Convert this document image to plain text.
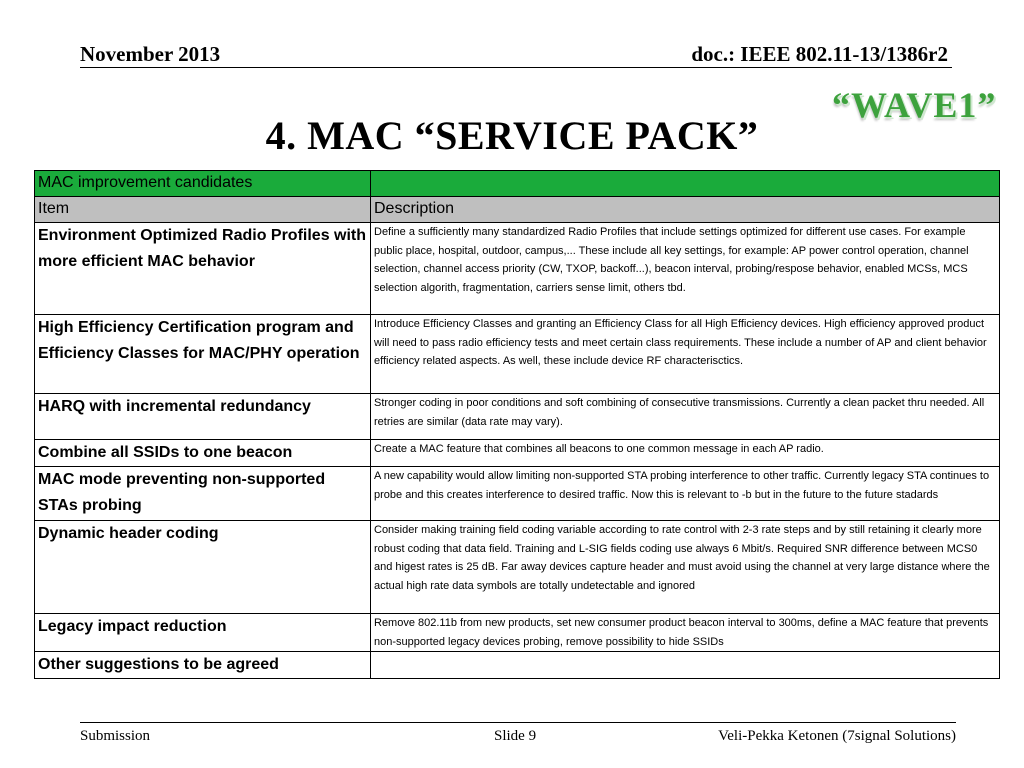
November 2013	doc.: IEEE 802.11-13/1386r2
4. MAC “SERVICE PACK”
“WAVE1”
MAC improvement candidates	
Item	Description
Environment Optimized Radio Profiles with more efficient MAC behavior	Define a sufficiently many standardized Radio Profiles that include settings optimized for different use cases. For example public place, hospital, outdoor, campus,... These include all key settings, for example: AP power control operation, channel selection, channel access priority (CW, TXOP, backoff...), beacon interval, probing/respose behavior, enabled MCSs, MCS selection algorith, fragmentation, carriers sense limit, others tbd.
High Efficiency Certification program and Efficiency Classes for MAC/PHY operation	Introduce Efficiency Classes and granting an Efficiency Class for all High Efficiency devices. High efficiency approved product will need to pass radio efficiency tests and meet certain class requirements. These include a number of AP and client behavior efficiency related aspects. As well, these include device RF characterisctics.
HARQ with incremental redundancy	Stronger coding in poor conditions and soft combining of consecutive transmissions. Currently a clean packet thru needed. All retries are similar (data rate may vary).
Combine all SSIDs to one beacon	Create a MAC feature that combines all beacons to one common message in each AP radio.
MAC mode preventing non-supported STAs probing	A new capability would allow limiting non-supported STA probing interference to other traffic. Currently legacy STA continues to probe and this creates interference to desired traffic. Now this is relevant to -b but in the future to the future stadards
Dynamic header coding	Consider making training field coding variable according to rate control with 2-3 rate steps and by still retaining it clearly more robust coding that data field. Training and L-SIG fields coding use always 6 Mbit/s. Required SNR difference between MCS0 and higest rates is 25 dB. Far away devices capture header and must avoid using the channel at very large distance where the actual high rate data symbols are totally undetectable and ignored
Legacy impact reduction	Remove 802.11b from new products, set new consumer product beacon interval to 300ms, define a MAC feature that prevents non-supported legacy devices probing, remove possibility to hide SSIDs
Other suggestions to be agreed	
Submission	Slide 9	Veli-Pekka Ketonen (7signal Solutions)
